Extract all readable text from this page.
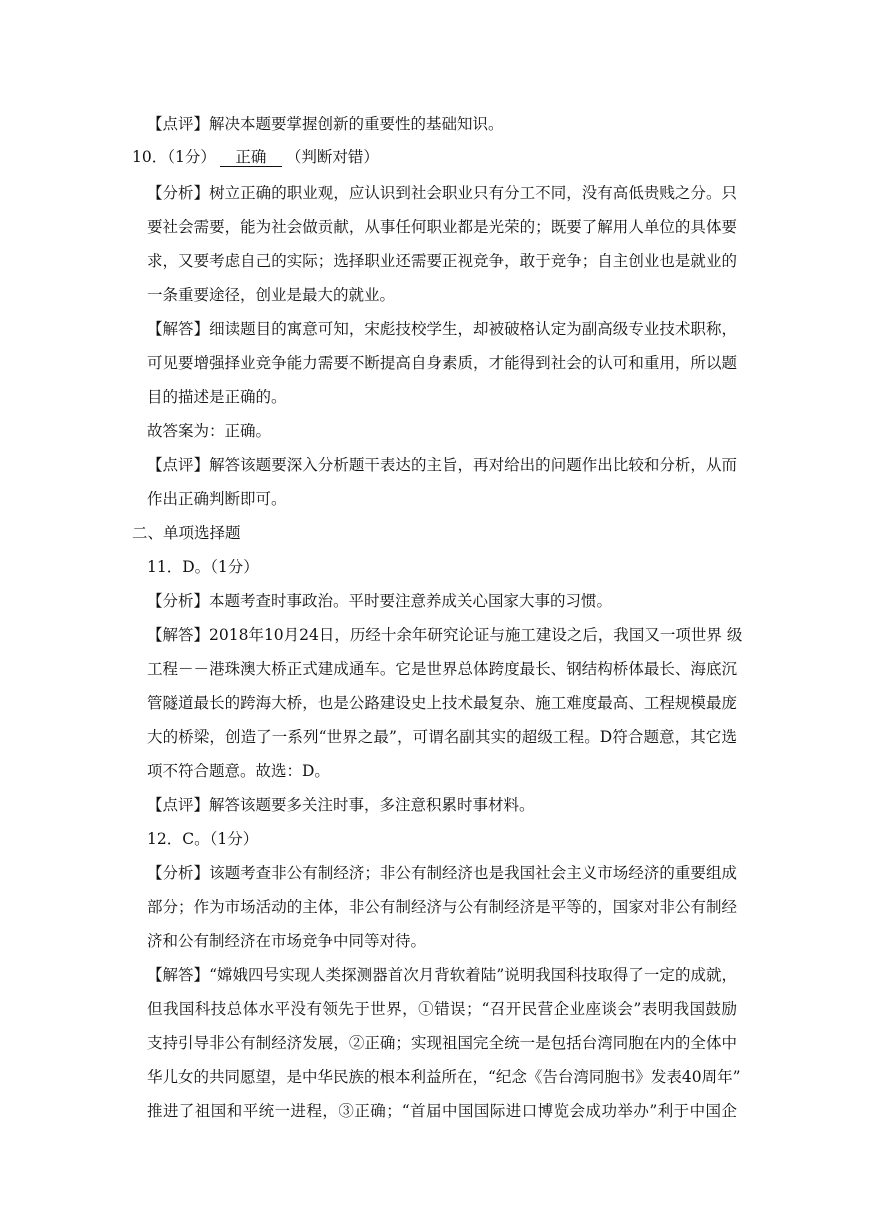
【点评】解决本题要掌握创新的重要性的基础知识。
10．（1分） 正确 （判断对错）
【分析】树立正确的职业观，应认识到社会职业只有分工不同，没有高低贵贱之分。只
要社会需要，能为社会做贡献，从事任何职业都是光荣的；既要了解用人单位的具体要
求，又要考虑自己的实际；选择职业还需要正视竞争，敢于竞争；自主创业也是就业的
一条重要途径，创业是最大的就业。
【解答】细读题目的寓意可知，宋彪技校学生，却被破格认定为副高级专业技术职称，
可见要增强择业竞争能力需要不断提高自身素质，才能得到社会的认可和重用，所以题
目的描述是正确的。
故答案为：正确。
【点评】解答该题要深入分析题干表达的主旨，再对给出的问题作出比较和分析，从而
作出正确判断即可。
二、单项选择题
11．D。（1分）
【分析】本题考查时事政治。平时要注意养成关心国家大事的习惯。
【解答】2018年10月24日，历经十余年研究论证与施工建设之后，我国又一项世界 级
工程－－港珠澳大桥正式建成通车。它是世界总体跨度最长、钢结构桥体最长、海底沉
管隧道最长的跨海大桥，也是公路建设史上技术最复杂、施工难度最高、工程规模最庞
大的桥梁，创造了一系列“世界之最”，可谓名副其实的超级工程。D符合题意，其它选
项不符合题意。故选：D。
【点评】解答该题要多关注时事，多注意积累时事材料。
12．C。（1分）
【分析】该题考查非公有制经济；非公有制经济也是我国社会主义市场经济的重要组成
部分；作为市场活动的主体，非公有制经济与公有制经济是平等的，国家对非公有制经
济和公有制经济在市场竞争中同等对待。
【解答】“嫦娥四号实现人类探测器首次月背软着陆”说明我国科技取得了一定的成就，
但我国科技总体水平没有领先于世界，①错误；“召开民营企业座谈会”表明我国鼓励
支持引导非公有制经济发展，②正确；实现祖国完全统一是包括台湾同胞在内的全体中
华儿女的共同愿望，是中华民族的根本利益所在，“纪念《告台湾同胞书》发表40周年”
推进了祖国和平统一进程，③正确；“首届中国国际进口博览会成功举办”利于中国企
